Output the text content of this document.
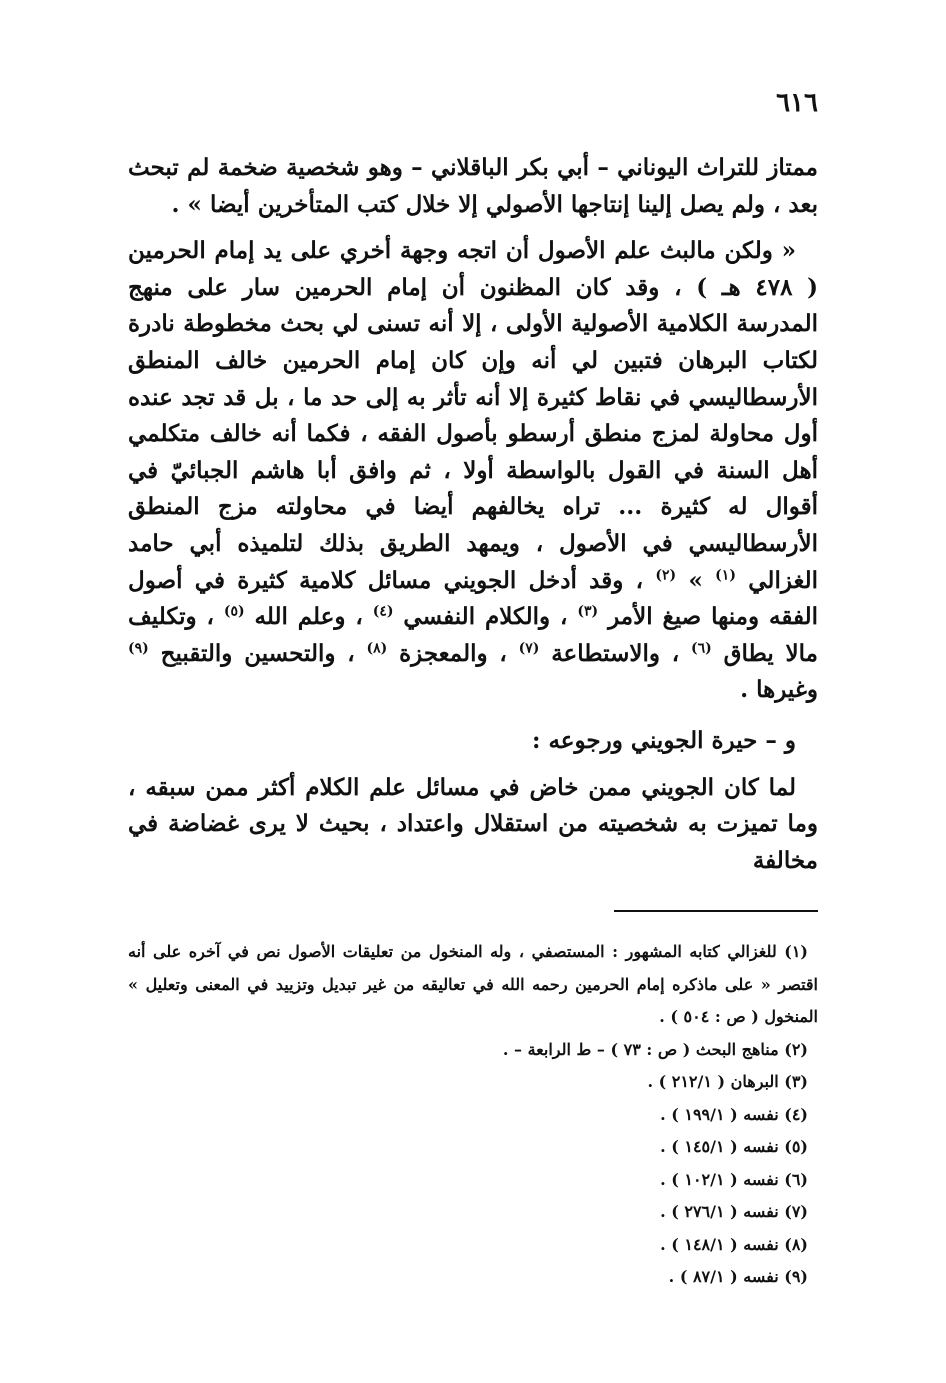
٦١٦

ممتاز للتراث اليوناني – أبي بكر الباقلاني – وهو شخصية ضخمة لم تبحث بعد ، ولم يصل إلينا إنتاجها الأصولي إلا خلال كتب المتأخرين أيضا » .

« ولكن مالبث علم الأصول أن اتجه وجهة أخري على يد إمام الحرمين ( ٤٧٨ هـ ) ، وقد كان المظنون أن إمام الحرمين سار على منهج المدرسة الكلامية الأصولية الأولى ، إلا أنه تسنى لي بحث مخطوطة نادرة لكتاب البرهان فتبين لي أنه وإن كان إمام الحرمين خالف المنطق الأرسطاليسي في نقاط كثيرة إلا أنه تأثر به إلى حد ما ، بل قد تجد عنده أول محاولة لمزج منطق أرسطو بأصول الفقه ، فكما أنه خالف متكلمي أهل السنة في القول بالواسطة أولا ، ثم وافق أبا هاشم الجبائيّ في أقوال له كثيرة ... تراه يخالفهم أيضا في محاولته مزج المنطق الأرسطاليسي في الأصول ، ويمهد الطريق بذلك لتلميذه أبي حامد الغزالي $^{(١)}$ » $^{(٢)}$ ، وقد أدخل الجويني مسائل كلامية كثيرة في أصول الفقه ومنها صيغ الأمر $^{(٣)}$ ، والكلام النفسي $^{(٤)}$ ، وعلم الله $^{(٥)}$ ، وتكليف مالا يطاق $^{(٦)}$ ، والاستطاعة $^{(٧)}$ ، والمعجزة $^{(٨)}$ ، والتحسين والتقبيح $^{(٩)}$ وغيرها .

و – حيرة الجويني ورجوعه :

لما كان الجويني ممن خاض في مسائل علم الكلام أكثر ممن سبقه ، وما تميزت به شخصيته من استقلال واعتداد ، بحيث لا يرى غضاضة في مخالفة

(١) للغزالي كتابه المشهور : المستصفي ، وله المنخول من تعليقات الأصول نص في آخره على أنه اقتصر « على ماذكره إمام الحرمين رحمه الله في تعاليقه من غير تبديل وتزييد في المعنى وتعليل » المنخول ( ص : ٥٠٤ ) .

(٢) مناهج البحث ( ص : ٧٣ ) – ط الرابعة – .

(٣) البرهان ( ٢١٢/١ ) .

(٤) نفسه ( ١٩٩/١ ) .

(٥) نفسه ( ١٤٥/١ ) .

(٦) نفسه ( ١٠٢/١ ) .

(٧) نفسه ( ٢٧٦/١ ) .

(٨) نفسه ( ١٤٨/١ ) .

(٩) نفسه ( ٨٧/١ ) .
